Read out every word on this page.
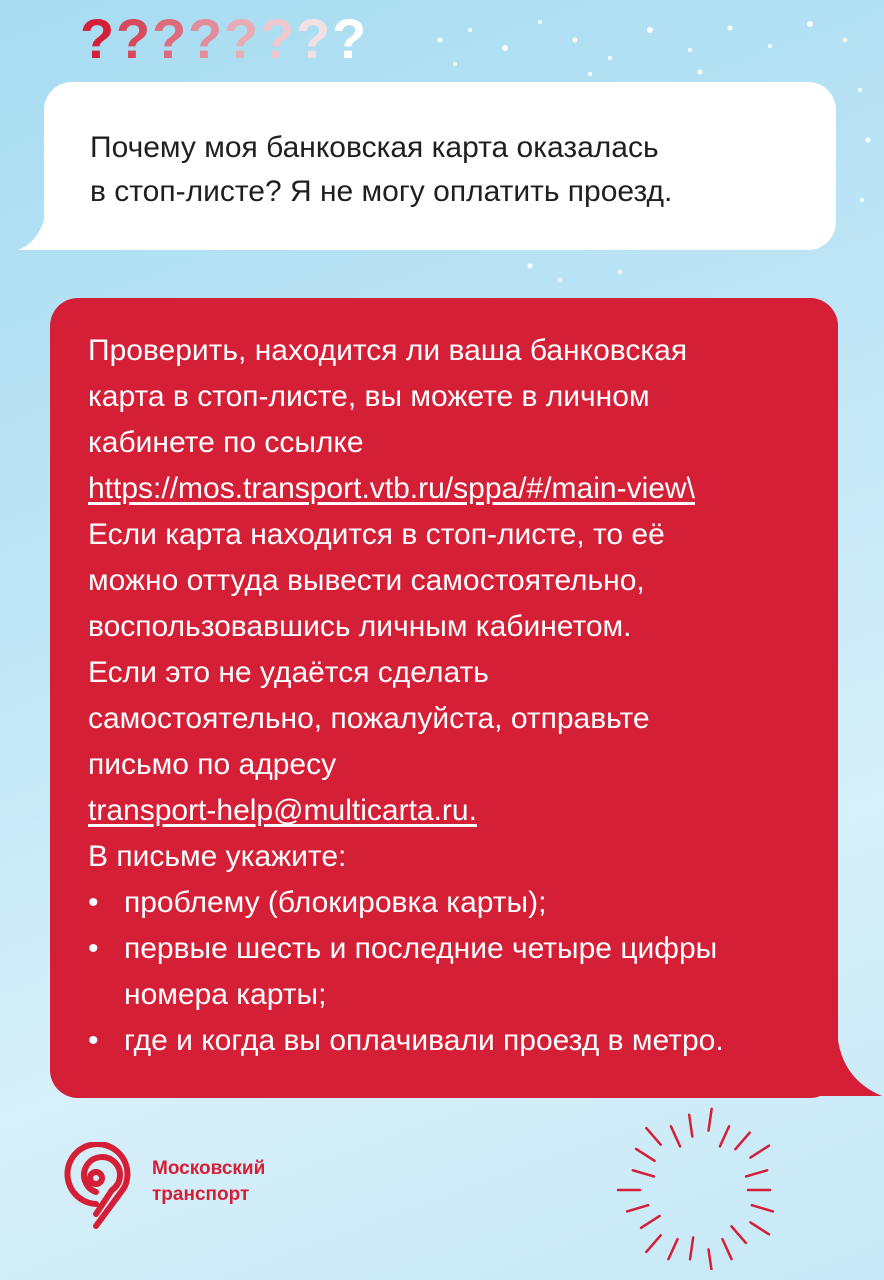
? ? ? ? ? ? ? ?

Почему моя банковская карта оказалась

в стоп-листе? Я не могу оплатить проезд.

Проверить, находится ли ваша банковская

карта в стоп-листе, вы можете в личном

кабинете по ссылке

https://mos.transport.vtb.ru/sppa/#/main-view\

Если карта находится в стоп-листе, то её

можно оттуда вывести самостоятельно,

воспользовавшись личным кабинетом.

Если это не удаётся сделать

самостоятельно, пожалуйста, отправьте

письмо по адресу

transport-help@multicarta.ru.

В письме укажите:

• проблему (блокировка карты);

• первые шесть и последние четыре цифры

номера карты;

• где и когда вы оплачивали проезд в метро.

Московский
транспорт
